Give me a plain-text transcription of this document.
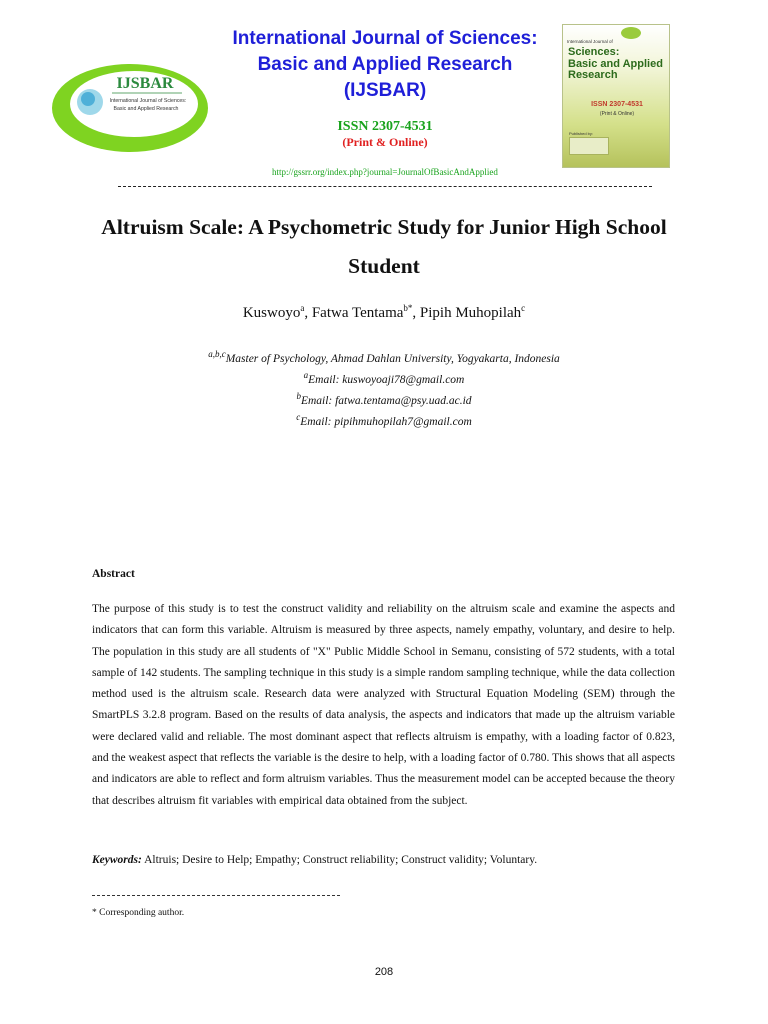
IJSBAR
International Journal of Sciences:
Basic and Applied Research
International Journal of Sciences:
Basic and Applied Research
(IJSBAR)
ISSN 2307-4531
(Print & Online)
http://gssrr.org/index.php?journal=JournalOfBasicAndApplied
International Journal of
Sciences:
Basic and Applied
Research
ISSN 2307-4531
(Print & Online)
Published by:
Altruism Scale: A Psychometric Study for Junior High School Student
Kuswoyo$^a$, Fatwa Tentama$^{b*}$, Pipih Muhopilah$^c$
$^{a,b,c}$Master of Psychology, Ahmad Dahlan University, Yogyakarta, Indonesia
$^a$Email: kuswoyoaji78@gmail.com
$^b$Email: fatwa.tentama@psy.uad.ac.id
$^c$Email: pipihmuhopilah7@gmail.com
Abstract
The purpose of this study is to test the construct validity and reliability on the altruism scale and examine the aspects and indicators that can form this variable. Altruism is measured by three aspects, namely empathy, voluntary, and desire to help. The population in this study are all students of "X" Public Middle School in Semanu, consisting of 572 students, with a total sample of 142 students. The sampling technique in this study is a simple random sampling technique, while the data collection method used is the altruism scale. Research data were analyzed with Structural Equation Modeling (SEM) through the SmartPLS 3.2.8 program. Based on the results of data analysis, the aspects and indicators that made up the altruism variable were declared valid and reliable. The most dominant aspect that reflects altruism is empathy, with a loading factor of 0.823, and the weakest aspect that reflects the variable is the desire to help, with a loading factor of 0.780. This shows that all aspects and indicators are able to reflect and form altruism variables. Thus the measurement model can be accepted because the theory that describes altruism fit variables with empirical data obtained from the subject.
Keywords: Altruis; Desire to Help; Empathy; Construct reliability; Construct validity; Voluntary.
* Corresponding author.
208
